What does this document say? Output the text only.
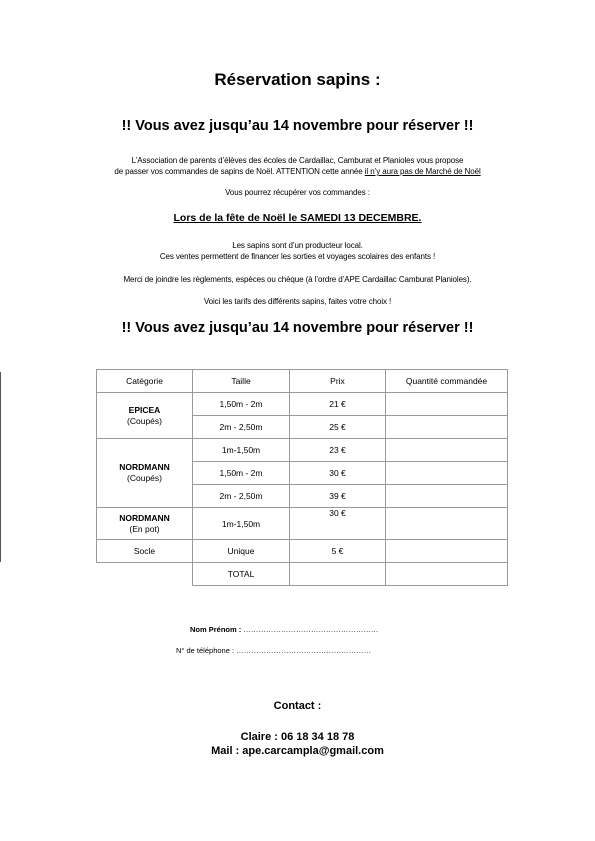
Réservation sapins :
!! Vous avez jusqu’au 14 novembre pour réserver !!
L’Association de parents d’élèves des écoles de Cardaillac, Camburat et Planioles vous propose
de passer vos commandes de sapins de Noël. ATTENTION cette année il n’y aura pas de Marché de Noël
Vous pourrez récupérer vos commandes :
Lors de la fête de Noël le SAMEDI 13 DECEMBRE.
Les sapins sont d’un producteur local.
Ces ventes permettent de financer les sorties et voyages scolaires des enfants !
Merci de joindre les règlements, espèces ou chèque (à l’ordre d’APE Cardaillac Camburat Planioles).
Voici les tarifs des différents sapins, faites votre choix !
!! Vous avez jusqu’au 14 novembre pour réserver !!
Catégorie	Taille	Prix	Quantité commandée

EPICEA
(Coupés)	1,50m - 2m	21 €	
	2m - 2,50m	25 €	

NORDMANN
(Coupés)	1m-1,50m	23 €	
	1,50m - 2m	30 €	
	2m - 2,50m	39 €	

NORDMANN
(En pot)	1m-1,50m	30 €	
Socle	Unique	5 €	
	TOTAL		
Nom Prénom : ………………………………………………
N° de téléphone : ………………………………………………
Contact :
Claire : 06 18 34 18 78
Mail : ape.carcampla@gmail.com
